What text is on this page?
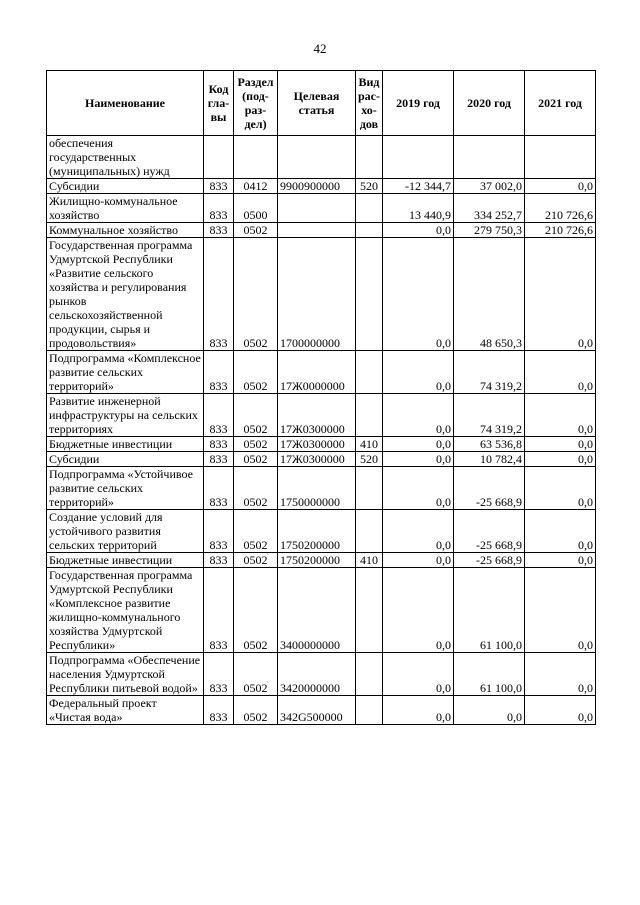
42
Наименование	Код гла- вы	Раздел (под- раз- дел)	Целевая статья	Вид рас- хо- дов	2019 год	2020 год	2021 год
обеспечения государственных (муниципальных) нужд							
Субсидии	833	0412	9900900000	520	-12 344,7	37 002,0	0,0
Жилищно-коммунальное хозяйство	833	0500			13 440,9	334 252,7	210 726,6
Коммунальное хозяйство	833	0502			0,0	279 750,3	210 726,6
Государственная программа Удмуртской Республики «Развитие сельского хозяйства и регулирования рынков сельскохозяйственной продукции, сырья и продовольствия»	833	0502	1700000000		0,0	48 650,3	0,0
Подпрограмма «Комплексное развитие сельских территорий»	833	0502	17Ж0000000		0,0	74 319,2	0,0
Развитие инженерной инфраструктуры на сельских территориях	833	0502	17Ж0300000		0,0	74 319,2	0,0
Бюджетные инвестиции	833	0502	17Ж0300000	410	0,0	63 536,8	0,0
Субсидии	833	0502	17Ж0300000	520	0,0	10 782,4	0,0
Подпрограмма «Устойчивое развитие сельских территорий»	833	0502	1750000000		0,0	-25 668,9	0,0
Создание условий для устойчивого развития сельских территорий	833	0502	1750200000		0,0	-25 668,9	0,0
Бюджетные инвестиции	833	0502	1750200000	410	0,0	-25 668,9	0,0
Государственная программа Удмуртской Республики «Комплексное развитие жилищно-коммунального хозяйства Удмуртской Республики»	833	0502	3400000000		0,0	61 100,0	0,0
Подпрограмма «Обеспечение населения Удмуртской Республики питьевой водой»	833	0502	3420000000		0,0	61 100,0	0,0
Федеральный проект «Чистая вода»	833	0502	342G500000		0,0	0,0	0,0
